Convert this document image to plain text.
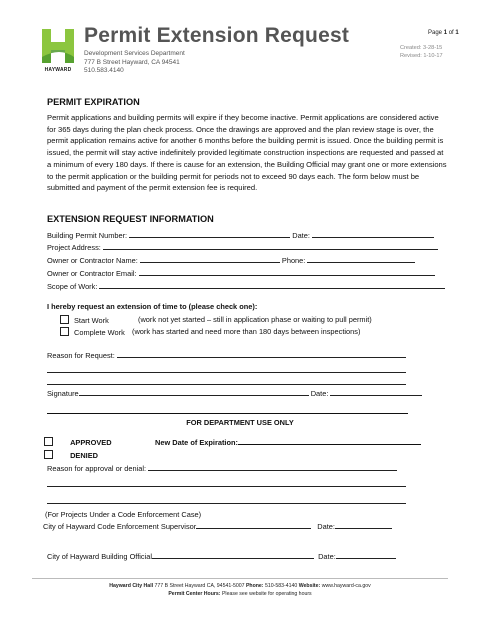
HAYWARD
Permit Extension Request
Development Services Department
777 B Street Hayward, CA 94541
510.583.4140
Page 1 of 1
Created: 3-28-15
Revised: 1-10-17
PERMIT EXPIRATION
Permit applications and building permits will expire if they become inactive. Permit applications are considered active for 365 days during the plan check process. Once the drawings are approved and the plan review stage is over, the permit application remains active for another 6 months before the building permit is issued. Once the building permit is issued, the permit will stay active indefinitely provided legitimate construction inspections are requested and passed at a minimum of every 180 days. If there is cause for an extension, the Building Official may grant one or more extensions to the permit application or the building permit for periods not to exceed 90 days each. The form below must be submitted and payment of the permit extension fee is required.
EXTENSION REQUEST INFORMATION
Building Permit Number:	Date:
Project Address:
Owner or Contractor Name:	Phone:
Owner or Contractor Email:
Scope of Work:
I hereby request an extension of time to (please check one):
Start Work	(work not yet started – still in application phase or waiting to pull permit)
Complete Work (work has started and need more than 180 days between inspections)
Reason for Request:
Signature	Date:
FOR DEPARTMENT USE ONLY
APPROVED	New Date of Expiration:
DENIED
Reason for approval or denial:
(For Projects Under a Code Enforcement Case)
City of Hayward Code Enforcement Supervisor	Date:
City of Hayward Building Official	Date:
Hayward City Hall 777 B Street Hayward CA, 94541-5007 Phone: 510-583-4140 Website: www.hayward-ca.gov
Permit Center Hours: Please see website for operating hours
